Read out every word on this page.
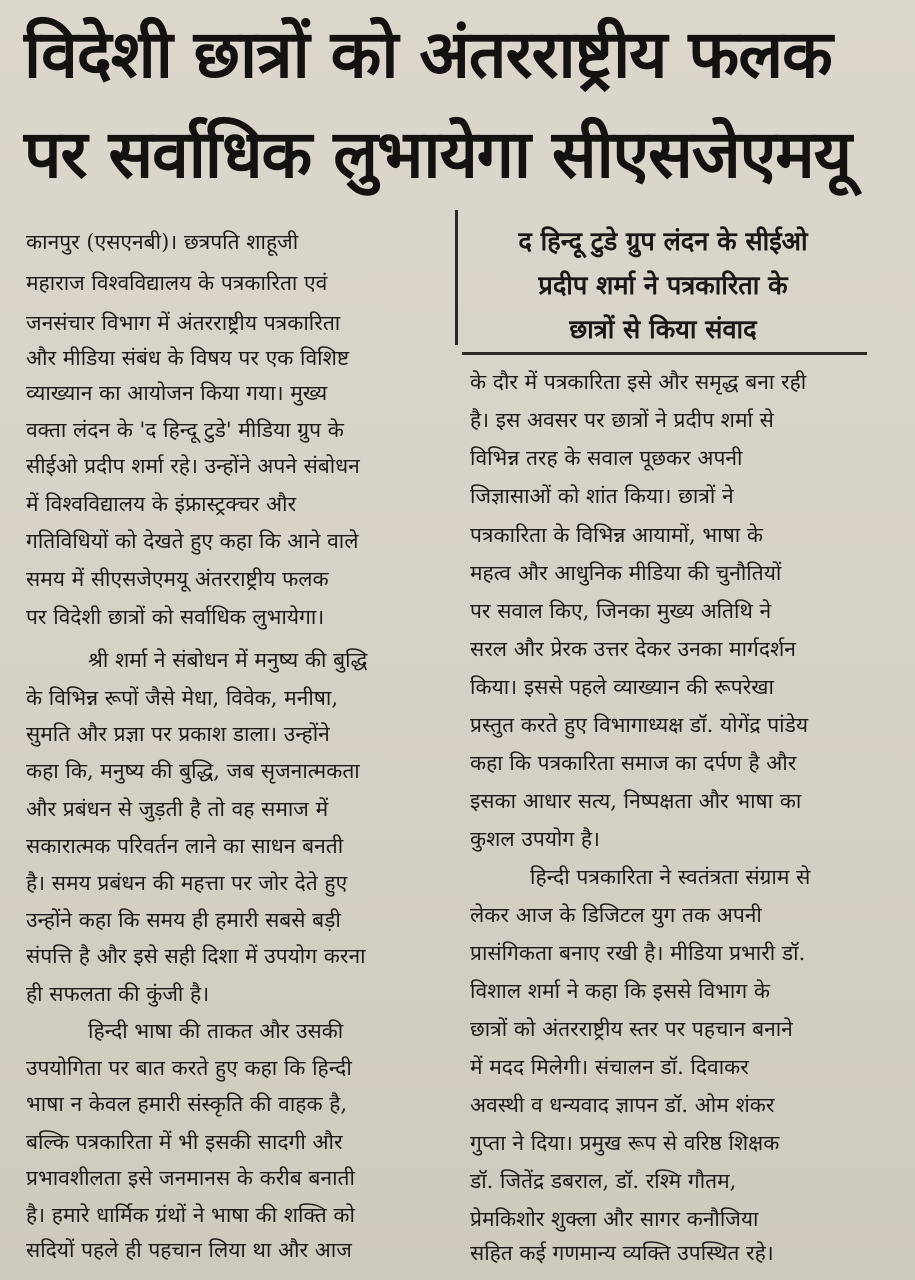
विदेशी छात्रों को अंतरराष्ट्रीय फलक
पर सर्वाधिक लुभायेगा सीएसजेएमयू
द हिन्दू टुडे ग्रुप लंदन के सीईओ
प्रदीप शर्मा ने पत्रकारिता के
छात्रों से किया संवाद
कानपुर (एसएनबी)। छत्रपति शाहूजी
महाराज विश्वविद्यालय के पत्रकारिता एवं
जनसंचार विभाग में अंतरराष्ट्रीय पत्रकारिता
और मीडिया संबंध के विषय पर एक विशिष्ट
व्याख्यान का आयोजन किया गया। मुख्य
वक्ता लंदन के 'द हिन्दू टुडे' मीडिया ग्रुप के
सीईओ प्रदीप शर्मा रहे। उन्होंने अपने संबोधन
में विश्वविद्यालय के इंफ्रास्ट्रक्चर और
गतिविधियों को देखते हुए कहा कि आने वाले
समय में सीएसजेएमयू अंतरराष्ट्रीय फलक
पर विदेशी छात्रों को सर्वाधिक लुभायेगा।
श्री शर्मा ने संबोधन में मनुष्य की बुद्धि
के विभिन्न रूपों जैसे मेधा, विवेक, मनीषा,
सुमति और प्रज्ञा पर प्रकाश डाला। उन्होंने
कहा कि, मनुष्य की बुद्धि, जब सृजनात्मकता
और प्रबंधन से जुड़ती है तो वह समाज में
सकारात्मक परिवर्तन लाने का साधन बनती
है। समय प्रबंधन की महत्ता पर जोर देते हुए
उन्होंने कहा कि समय ही हमारी सबसे बड़ी
संपत्ति है और इसे सही दिशा में उपयोग करना
ही सफलता की कुंजी है।
हिन्दी भाषा की ताकत और उसकी
उपयोगिता पर बात करते हुए कहा कि हिन्दी
भाषा न केवल हमारी संस्कृति की वाहक है,
बल्कि पत्रकारिता में भी इसकी सादगी और
प्रभावशीलता इसे जनमानस के करीब बनाती
है। हमारे धार्मिक ग्रंथों ने भाषा की शक्ति को
सदियों पहले ही पहचान लिया था और आज
के दौर में पत्रकारिता इसे और समृद्ध बना रही
है। इस अवसर पर छात्रों ने प्रदीप शर्मा से
विभिन्न तरह के सवाल पूछकर अपनी
जिज्ञासाओं को शांत किया। छात्रों ने
पत्रकारिता के विभिन्न आयामों, भाषा के
महत्व और आधुनिक मीडिया की चुनौतियों
पर सवाल किए, जिनका मुख्य अतिथि ने
सरल और प्रेरक उत्तर देकर उनका मार्गदर्शन
किया। इससे पहले व्याख्यान की रूपरेखा
प्रस्तुत करते हुए विभागाध्यक्ष डॉ. योगेंद्र पांडेय
कहा कि पत्रकारिता समाज का दर्पण है और
इसका आधार सत्य, निष्पक्षता और भाषा का
कुशल उपयोग है।
हिन्दी पत्रकारिता ने स्वतंत्रता संग्राम से
लेकर आज के डिजिटल युग तक अपनी
प्रासंगिकता बनाए रखी है। मीडिया प्रभारी डॉ.
विशाल शर्मा ने कहा कि इससे विभाग के
छात्रों को अंतरराष्ट्रीय स्तर पर पहचान बनाने
में मदद मिलेगी। संचालन डॉ. दिवाकर
अवस्थी व धन्यवाद ज्ञापन डॉ. ओम शंकर
गुप्ता ने दिया। प्रमुख रूप से वरिष्ठ शिक्षक
डॉ. जितेंद्र डबराल, डॉ. रश्मि गौतम,
प्रेमकिशोर शुक्ला और सागर कनौजिया
सहित कई गणमान्य व्यक्ति उपस्थित रहे।
